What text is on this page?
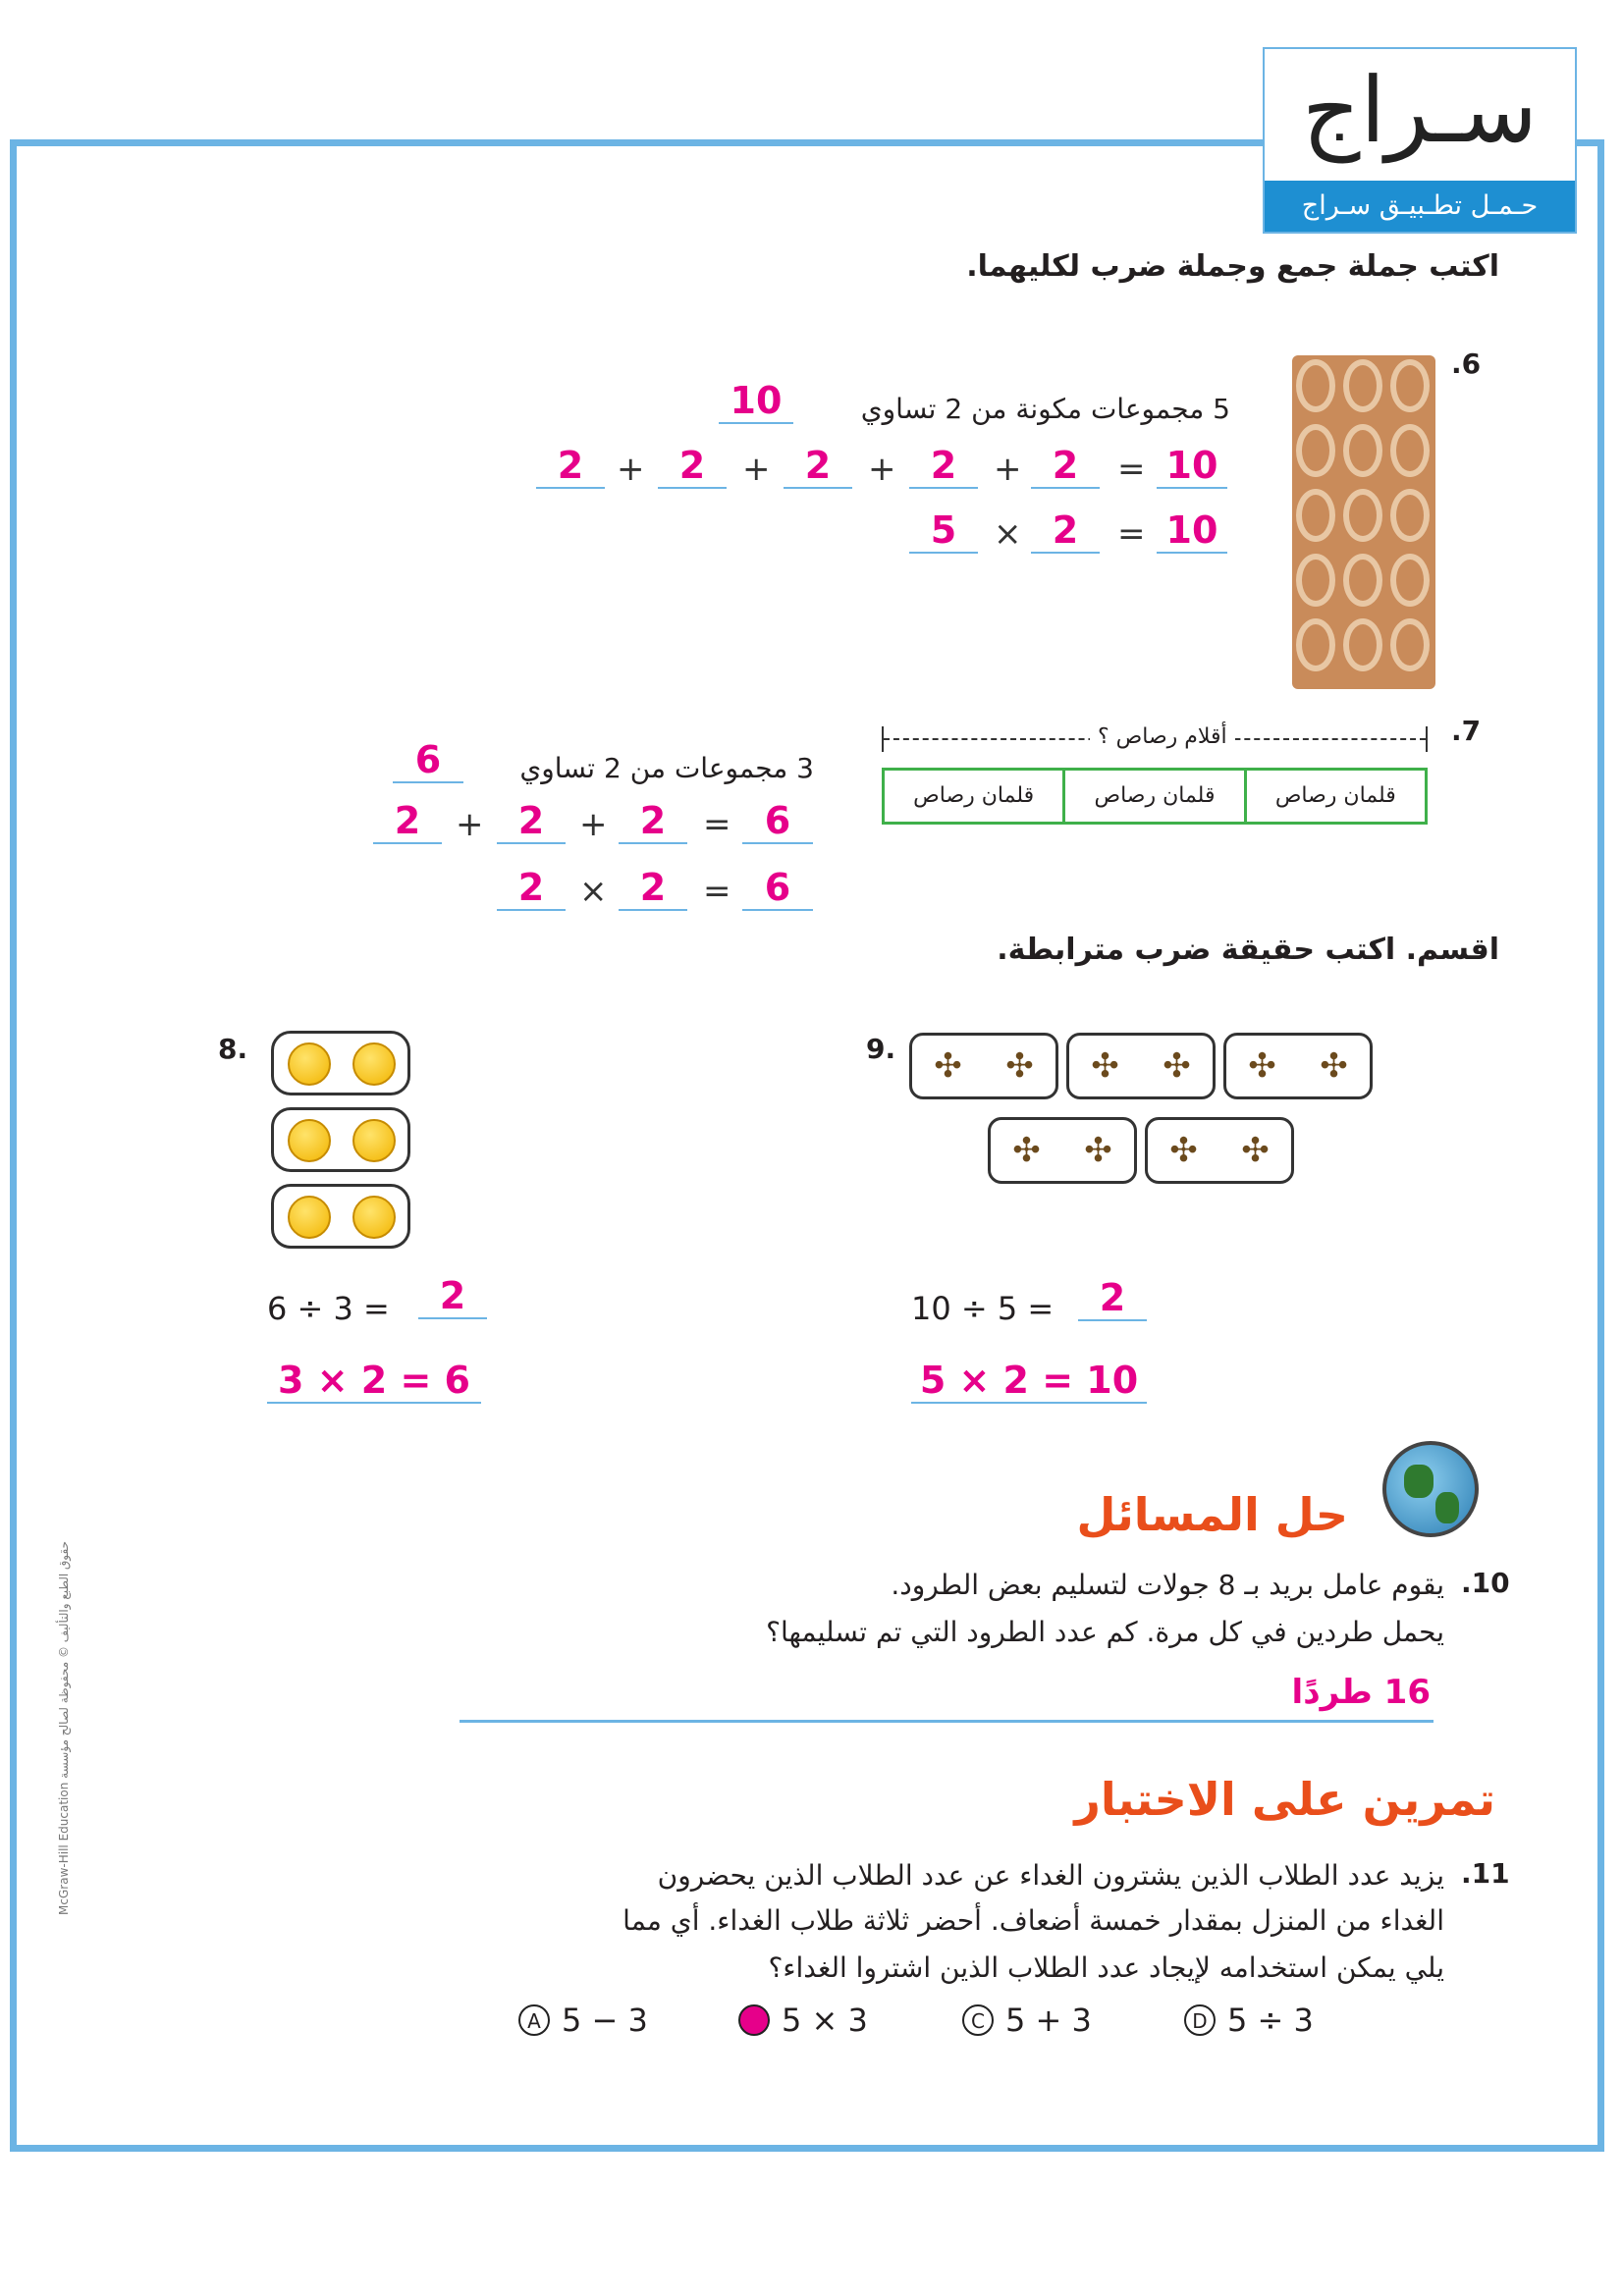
سـراج
حـمـل تطـبيـق سـراج
اكتب جملة جمع وجملة ضرب لكليهما.
.6
5 مجموعات مكونة من 2 تساوي
10
2 + 2	+ 2	+ 2	+ 2	= 10
5	× 2	= 10
.7
أقلام رصاص ؟
قلمان رصاص	قلمان رصاص	قلمان رصاص
3 مجموعات من 2 تساوي
6
2	+ 2	+ 2	= 6
2	× 2	= 6
اقسم. اكتب حقيقة ضرب مترابطة.
8.
6 ÷ 3 =	2
3 × 2 = 6
9. ✣ ✣ ✣ ✣ ✣ ✣
✣ ✣ ✣ ✣
10 ÷ 5 =	2
5 × 2 = 10
حل المسائل
.10
يقوم عامل بريد بـ 8 جولات لتسليم بعض الطرود.
يحمل طردين في كل مرة. كم عدد الطرود التي تم تسليمها؟
16 طردًا
تمرين على الاختبار
.11
يزيد عدد الطلاب الذين يشترون الغداء عن عدد الطلاب الذين يحضرون
الغداء من المنزل بمقدار خمسة أضعاف. أحضر ثلاثة طلاب الغداء. أي مما
يلي يمكن استخدامه لإيجاد عدد الطلاب الذين اشتروا الغداء؟
A 5 − 3	B 5 × 3	C 5 + 3	D 5 ÷ 3
حقوق الطبع والتأليف © محفوظة لصالح مؤسسة McGraw-Hill Education
